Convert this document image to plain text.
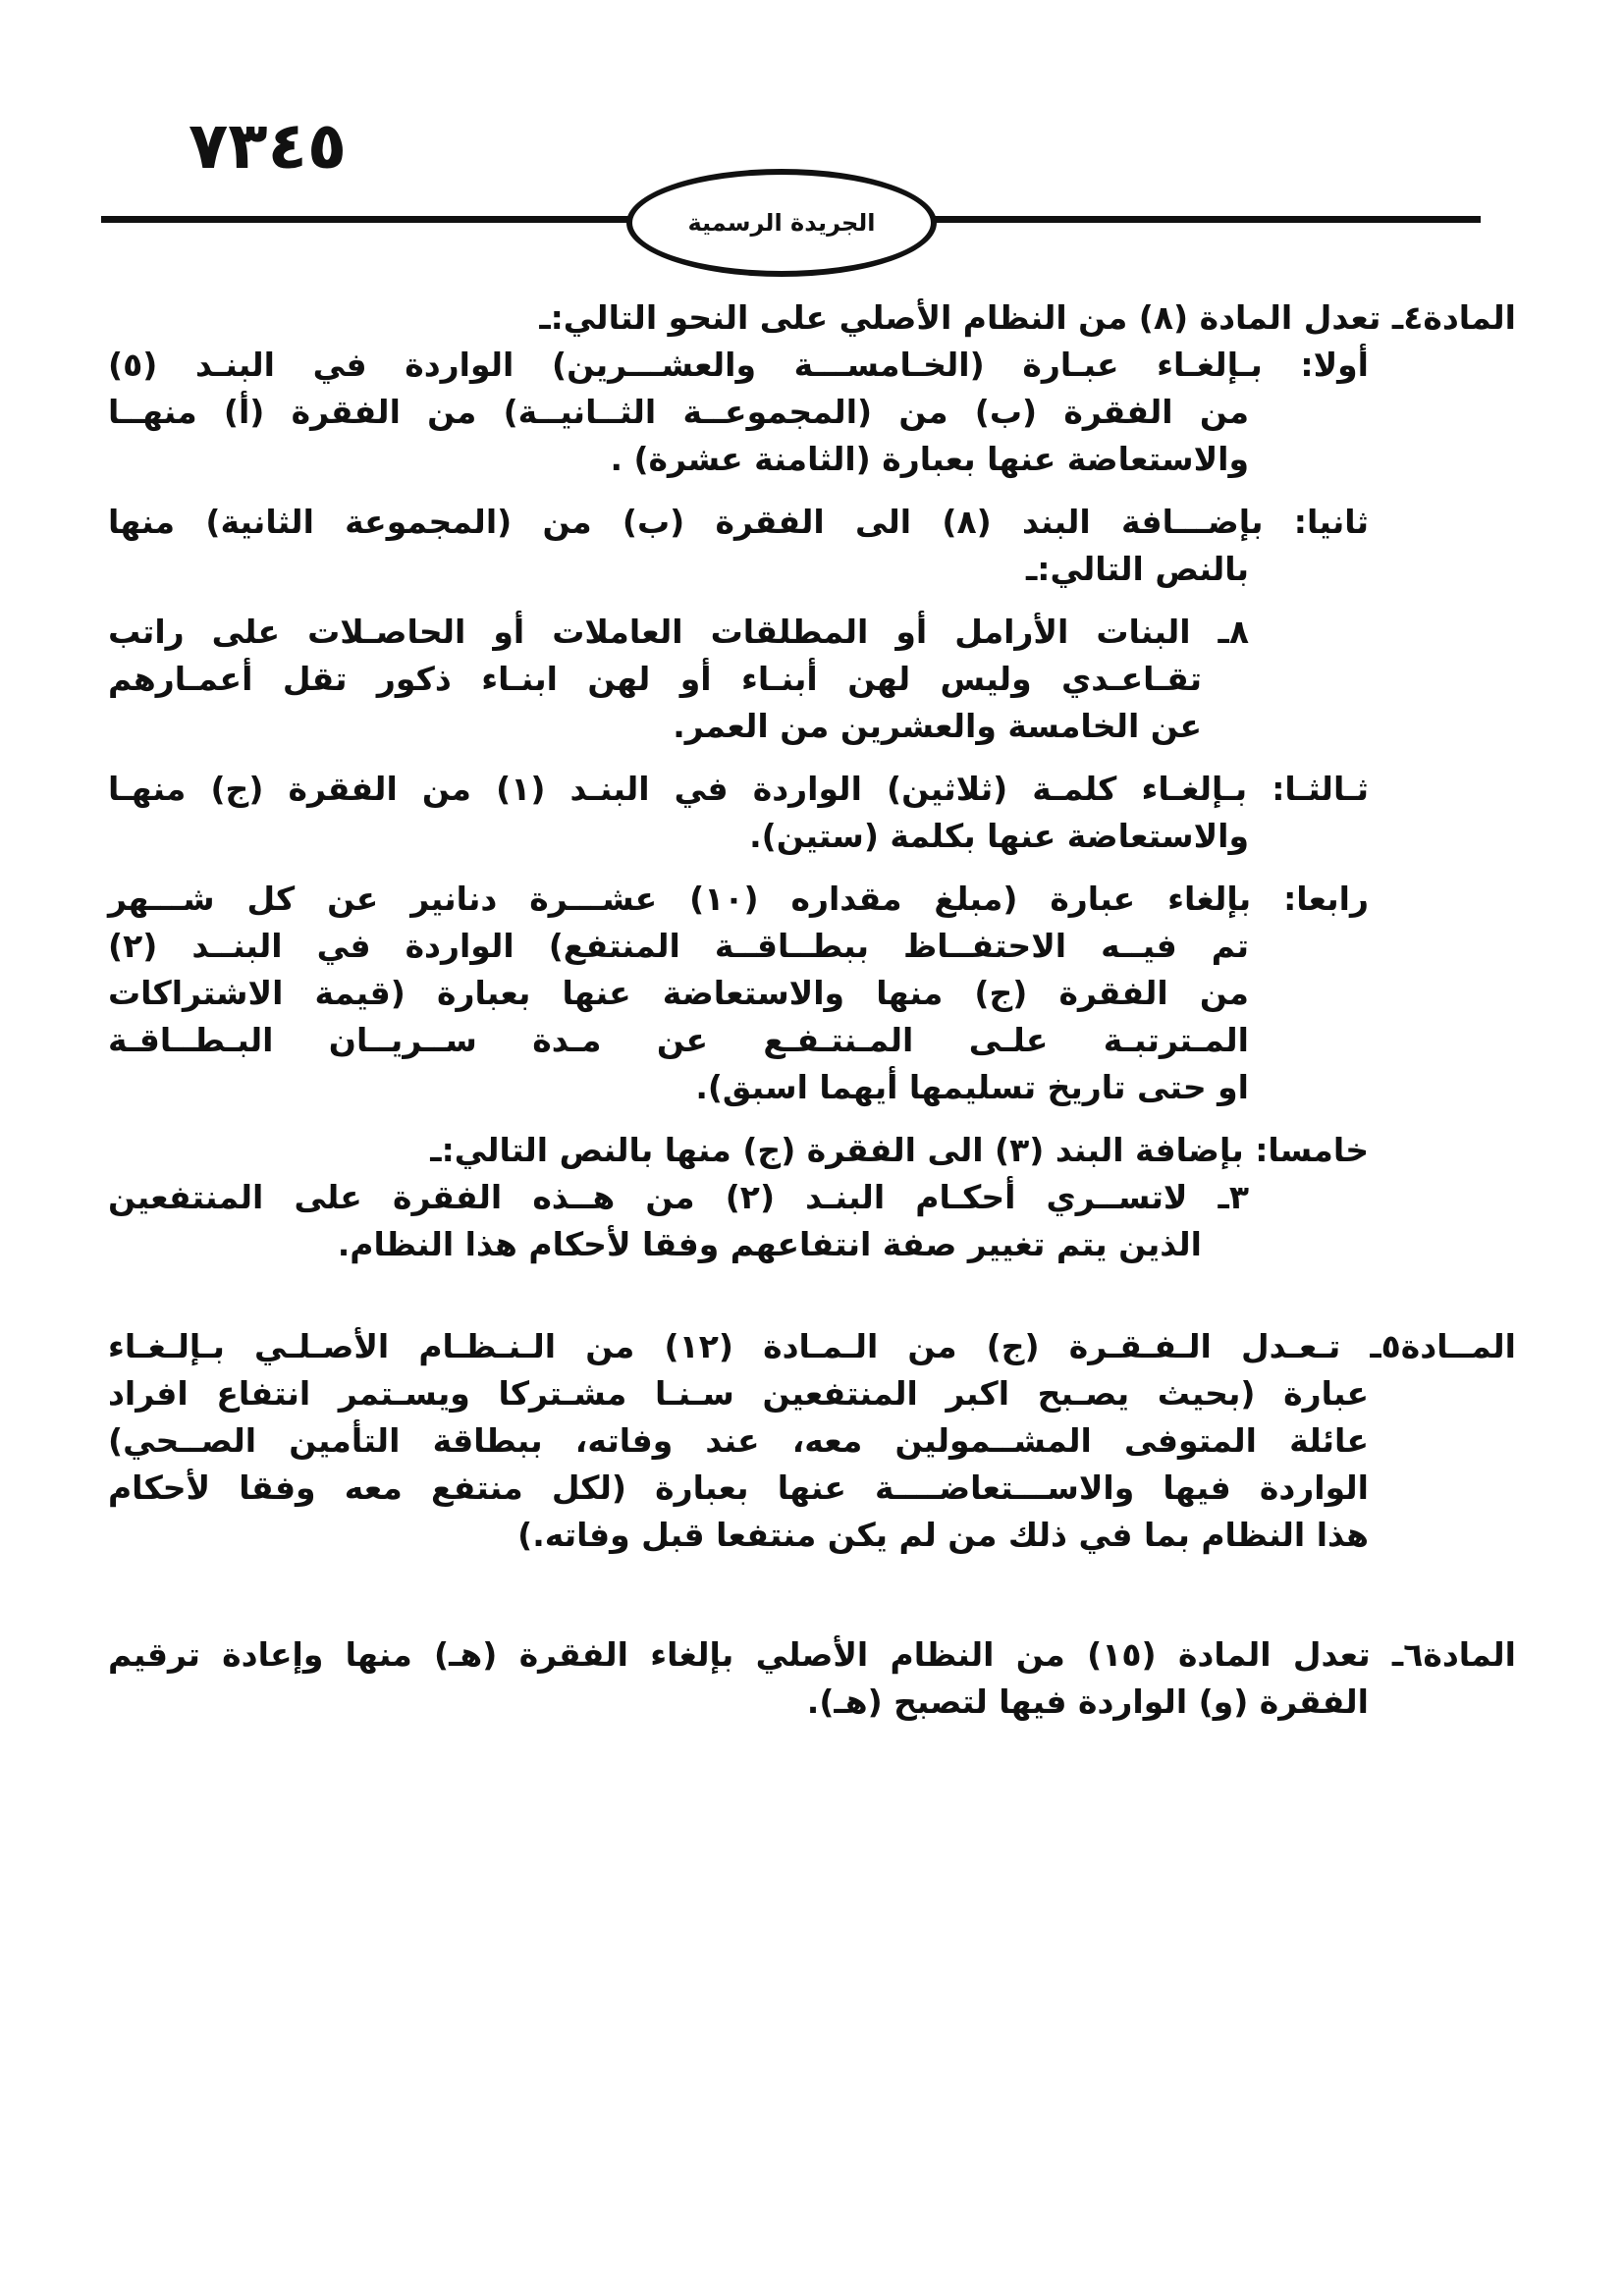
٥٤٣٧
الجريدة الرسمية
المادة٤ـ تعدل المادة (٨) من النظام الأصلي على النحو التالي:ـ
أولا: بـإلغـاء عبـارة (الخـامســـة والعشـــرين) الواردة في البنـد (٥)
من الفقرة (ب) من (المجموعــة الثــانيــة) من الفقرة (أ) منهــا
والاستعاضة عنها بعبارة (الثامنة عشرة) .
ثانيا: بإضـــافة البند (٨) الى الفقرة (ب) من (المجموعة الثانية) منها
بالنص التالي:ـ
٨ـ البنات الأرامل أو المطلقات العاملات أو الحاصـلات على راتب
تقـاعـدي وليس لهن أبنـاء أو لهن ابنـاء ذكور تقل أعمـارهم
عن الخامسة والعشرين من العمر.
ثـالثـا: بـإلغـاء كلمـة (ثلاثين) الواردة في البنـد (١) من الفقرة (ج) منهـا
والاستعاضة عنها بكلمة (ستين).
رابعا: بإلغاء عبارة (مبلغ مقداره (١٠) عشـــرة دنانير عن كل شـــهر
تم فيــه الاحتفــاظ ببطــاقــة المنتفع) الواردة في البنــد (٢)
من الفقرة (ج) منها والاستعاضة عنها بعبارة (قيمة الاشتراكات
المـترتبـة علـى المـنتـفـع عن مـدة ســريــان البـطــاقـة
او حتى تاريخ تسليمها أيهما اسبق).
خامسا: بإضافة البند (٣) الى الفقرة (ج) منها بالنص التالي:ـ
٣ـ لاتســري أحكـام البنـد (٢) من هــذه الفقرة على المنتفعين
الذين يتم تغيير صفة انتفاعهم وفقا لأحكام هذا النظام.
المــادة٥ـ تـعـدل الـفـقـرة (ج) من الـمـادة (١٢) من الـنـظـام الأصـلـي بـإلـغـاء
عبارة (بحيث يصـبح اكبر المنتفعين سـنـا مشـتركا ويسـتمر انتفاع افراد
عائلة المتوفى المشــمولين معه، عند وفاته، ببطاقة التأمين الصــحي)
الواردة فيها والاســـتعاضــــة عنها بعبارة (لكل منتفع معه وفقا لأحكام
هذا النظام بما في ذلك من لم يكن منتفعا قبل وفاته.)
المادة٦ـ تعدل المادة (١٥) من النظام الأصلي بإلغاء الفقرة (هـ) منها وإعادة ترقيم
الفقرة (و) الواردة فيها لتصبح (هـ).
